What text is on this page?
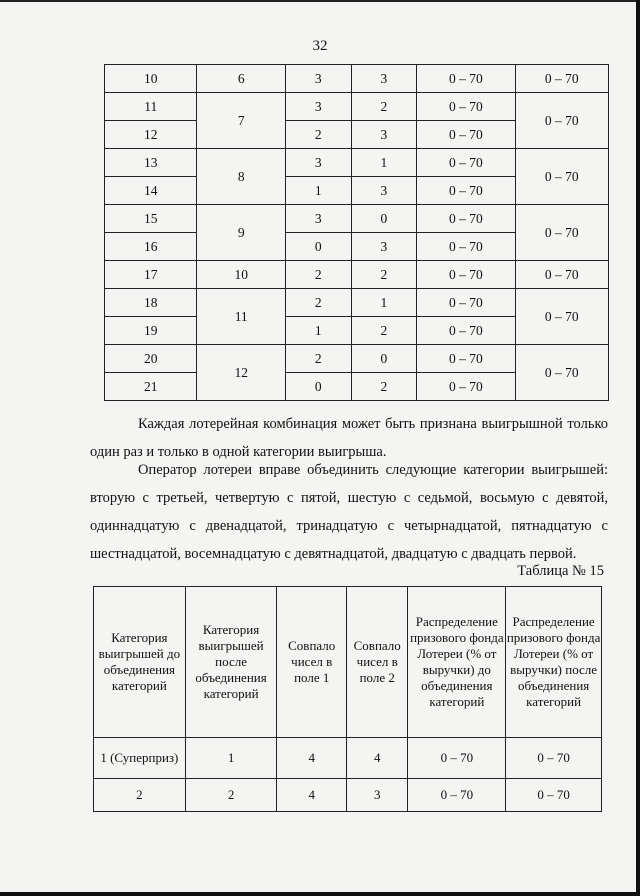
32
10	6	3	3	0 – 70	0 – 70
11	7	3	2	0 – 70	0 – 70
12		2	3	0 – 70	
13	8	3	1	0 – 70	0 – 70
14		1	3	0 – 70	
15	9	3	0	0 – 70	0 – 70
16		0	3	0 – 70	
17	10	2	2	0 – 70	0 – 70
18	11	2	1	0 – 70	0 – 70
19		1	2	0 – 70	
20	12	2	0	0 – 70	0 – 70
21		0	2	0 – 70	
Каждая лотерейная комбинация может быть признана выигрышной только
один раз и только в одной категории выигрыша.
Оператор лотереи вправе объединить следующие категории выигрышей:
вторую с третьей, четвертую с пятой, шестую с седьмой, восьмую с девятой,
одиннадцатую с двенадцатой, тринадцатую с четырнадцатой, пятнадцатую с
шестнадцатой, восемнадцатую с девятнадцатой, двадцатую с двадцать первой.
Таблица № 15
Категория выигрышей до объединения категорий	Категория выигрышей после объединения категорий	Совпало чисел в поле 1	Совпало чисел в поле 2	Распределение призового фонда Лотереи (% от выручки) до объединения категорий	Распределение призового фонда Лотереи (% от выручки) после объединения категорий
1 (Суперприз)	1	4	4	0 – 70	0 – 70
2	2	4	3	0 – 70	0 – 70
